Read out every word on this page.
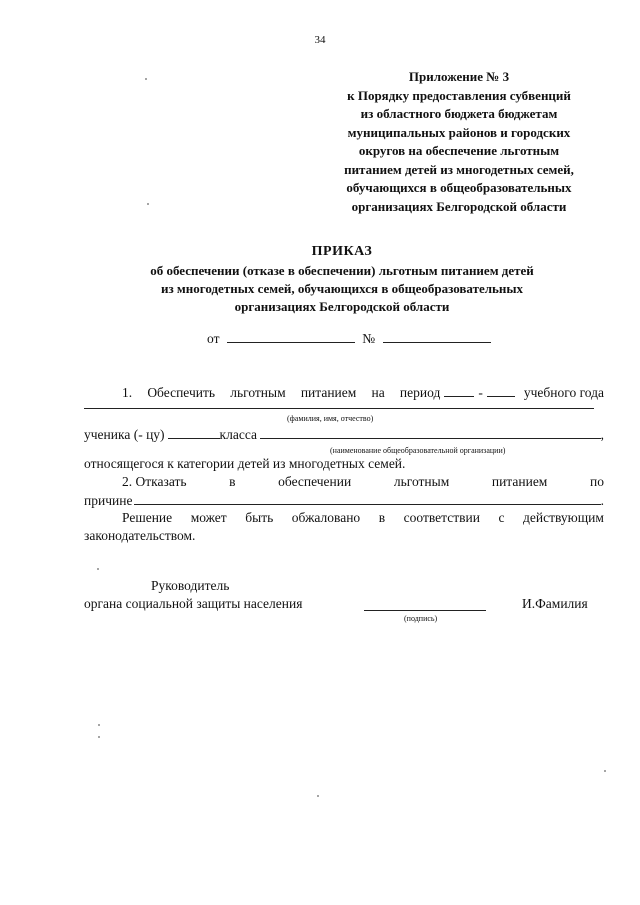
34
Приложение № 3
к Порядку предоставления субвенций
из областного бюджета бюджетам
муниципальных районов и городских
округов на обеспечение льготным
питанием детей из многодетных семей,
обучающихся в общеобразовательных
организациях Белгородской области
ПРИКАЗ
об обеспечении (отказе в обеспечении) льготным питанием детей
из многодетных семей, обучающихся в общеобразовательных
организациях Белгородской области
от	№
1. Обеспечить льготным питанием на период	-	учебного года
(фамилия, имя, отчество)
ученика (- цу)	класса	,
(наименование общеобразовательной организации)
относящегося к категории детей из многодетных семей.
2. Отказать	в	обеспечении	льготным	питанием	по
причине	.
Решение может быть обжаловано в соответствии с действующим
законодательством.
Руководитель
органа социальной защиты населения
(подпись)
И.Фамилия
